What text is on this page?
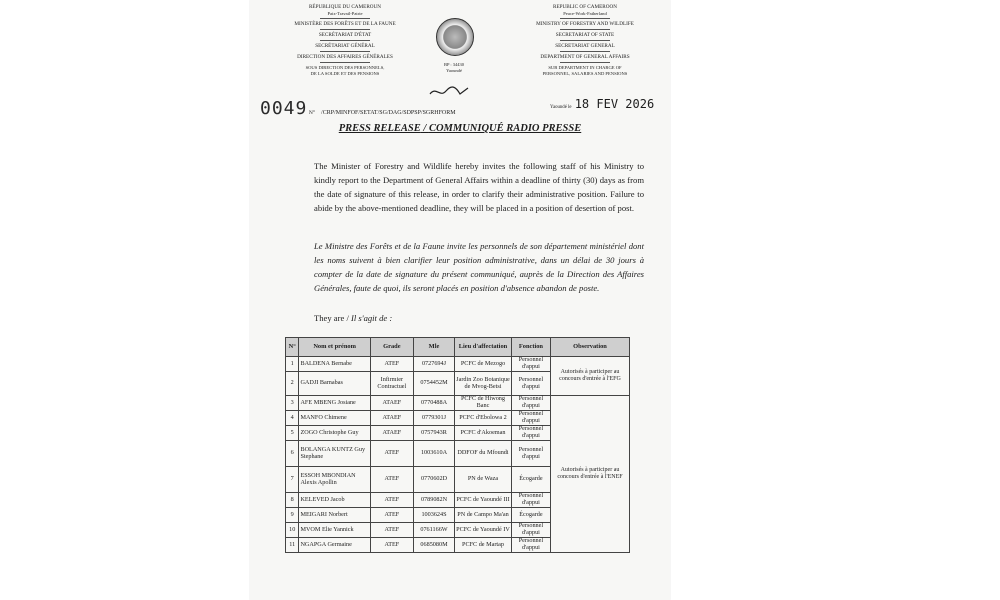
RÉPUBLIQUE DU CAMEROUN
Paix-Travail-Patrie
MINISTÈRE DES FORÊTS ET DE LA FAUNE
SECRÉTARIAT D'ÉTAT
SECRÉTARIAT GÉNÉRAL
DIRECTION DES AFFAIRES GÉNÉRALES
SOUS DIRECTION DES PERSONNELS,
DE LA SOLDE ET DES PENSIONS
BP : 34430
Yaoundé
REPUBLIC OF CAMEROON
Peace-Work-Fatherland
MINISTRY OF FORESTRY AND WILDLIFE
SECRETARIAT OF STATE
SECRETARIAT GENERAL
DEPARTMENT OF GENERAL AFFAIRS
SUB DEPARTMENT IN CHARGE OF
PERSONNEL, SALARIES AND PENSIONS
0049 N° /CRP/MINFOF/SETAT/SG/DAG/SDPSP/SGRHFORM
Yaoundé le 18 FEV 2026
PRESS RELEASE / COMMUNIQUÉ RADIO PRESSE

The Minister of Forestry and Wildlife hereby invites the following staff of his Ministry to kindly report to the Department of General Affairs within a deadline of thirty (30) days as from the date of signature of this release, in order to clarify their administrative position. Failure to abide by the above-mentioned deadline, they will be placed in a position of desertion of post.

Le Ministre des Forêts et de la Faune invite les personnels de son département ministériel dont les noms suivent à bien clarifier leur position administrative, dans un délai de 30 jours à compter de la date de signature du présent communiqué, auprès de la Direction des Affaires Générales, faute de quoi, ils seront placés en position d'absence abandon de poste.

They are / Il s'agit de :
N°	Nom et prénom	Grade	Mle	Lieu d'affectation	Fonction	Observation
1	BALDENA Bernabe	ATEF	0727694J	PCFC de Mezogo	Personnel d'appui	Autorisés à participer au concours d'entrée à l'EFG
2	GADJI Barnabas	Infirmier Contractuel	0754452M	Jardin Zoo Botanique de Mvog-Betsi	Personnel d'appui	
3	AFE MBENG Josiane	ATAEF	0770488A	PCFC de Hiwong Banc	Personnel d'appui	Autorisés à participer au concours d'entrée à l'ENEF
4	MANFO Chimene	ATAEF	0779301J	PCFC d'Ebolowa 2	Personnel d'appui	
5	ZOGO Christophe Guy	ATAEF	0757943R	PCFC d'Akoeman	Personnel d'appui	
6	BOLANGA KUNTZ Guy Stephane	ATEF	1003610A	DDFOF du Mfoundi	Personnel d'appui	
7	ESSOH MBONDIAN Alexis Apollin	ATEF	0770602D	PN de Waza	Écogarde	
8	KELEVED Jacob	ATEF	0789082N	PCFC de Yaoundé III	Personnel d'appui	
9	MEIGARI Norbert	ATEF	1003624S	PN de Campo Ma'an	Écogarde	
10	MVOM Elie Yannick	ATEF	0761166W	PCFC de Yaoundé IV	Personnel d'appui	
11	NGAPGA Germaine	ATEF	0685080M	PCFC de Martap	Personnel d'appui	
